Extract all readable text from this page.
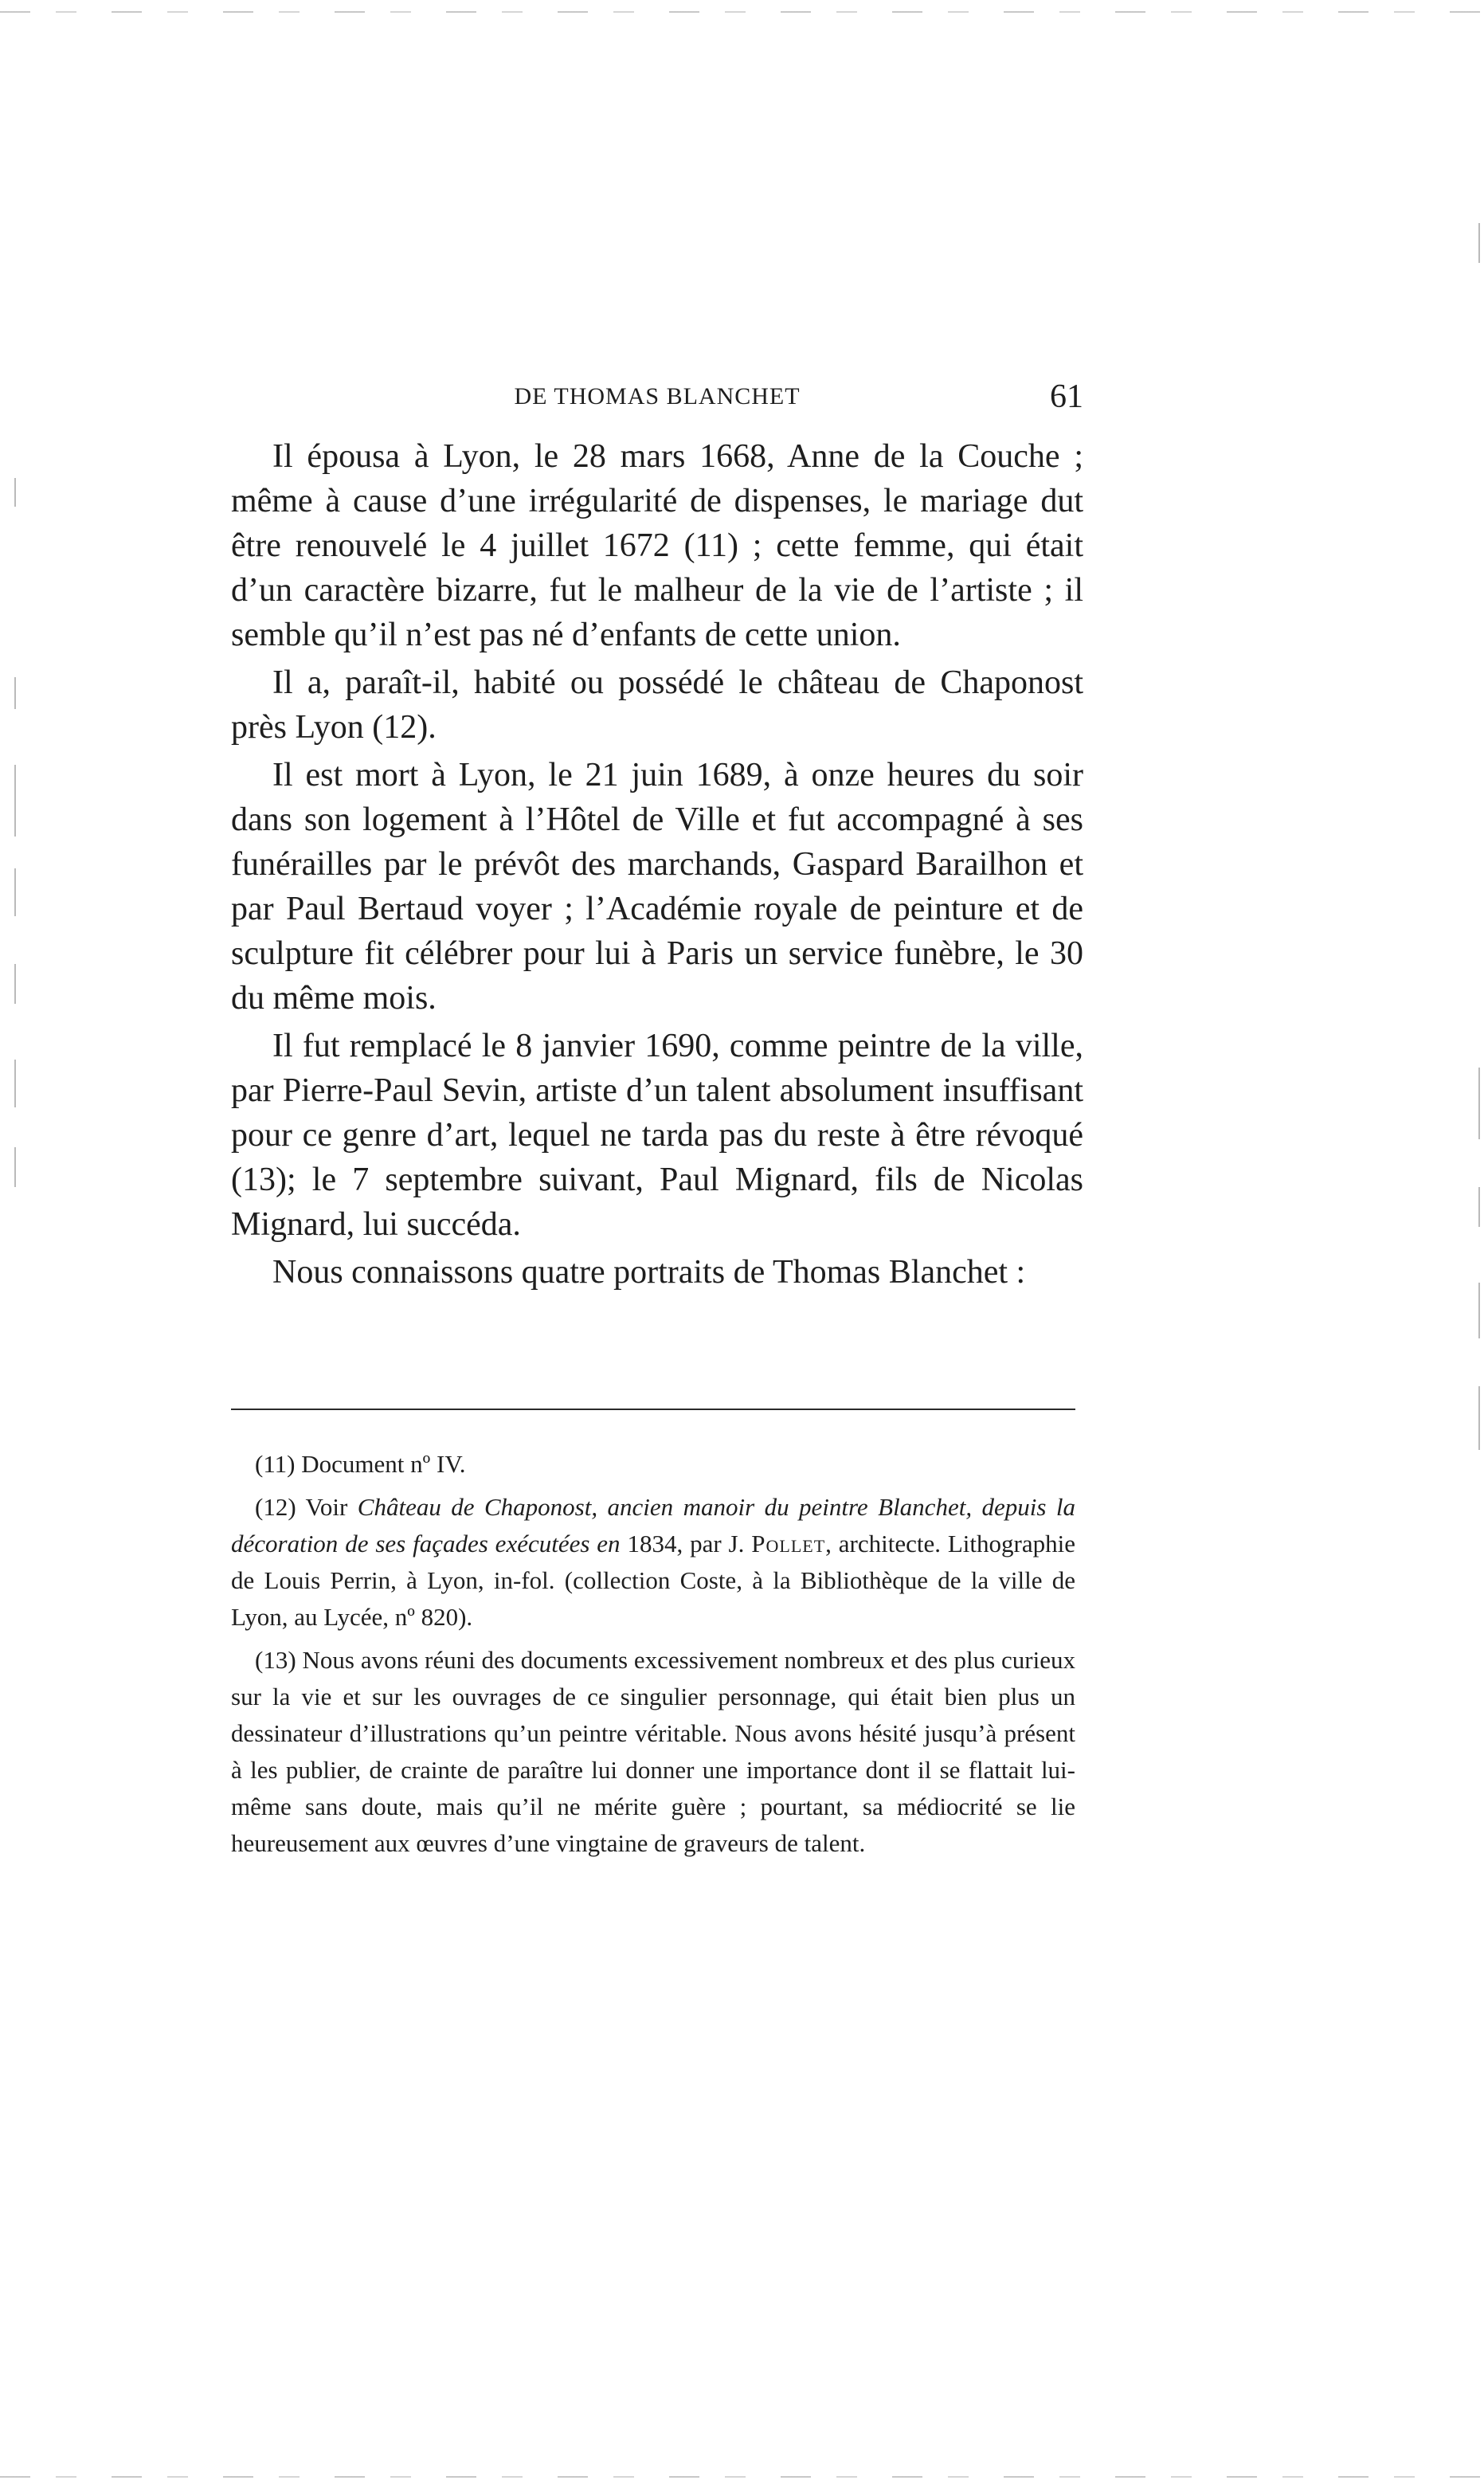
DE THOMAS BLANCHET	61

Il épousa à Lyon, le 28 mars 1668, Anne de la Couche ; même à cause d’une irrégularité de dispenses, le mariage dut être renouvelé le 4 juillet 1672 (11) ; cette femme, qui était d’un caractère bizarre, fut le malheur de la vie de l’artiste ; il semble qu’il n’est pas né d’enfants de cette union.

Il a, paraît-il, habité ou possédé le château de Chaponost près Lyon (12).

Il est mort à Lyon, le 21 juin 1689, à onze heures du soir dans son logement à l’Hôtel de Ville et fut accompagné à ses funérailles par le prévôt des marchands, Gaspard Barailhon et par Paul Bertaud voyer ; l’Académie royale de peinture et de sculpture fit célébrer pour lui à Paris un service funèbre, le 30 du même mois.

Il fut remplacé le 8 janvier 1690, comme peintre de la ville, par Pierre-Paul Sevin, artiste d’un talent absolument insuffisant pour ce genre d’art, lequel ne tarda pas du reste à être révoqué (13); le 7 septembre suivant, Paul Mignard, fils de Nicolas Mignard, lui succéda.

Nous connaissons quatre portraits de Thomas Blanchet :

(11) Document nº IV.

(12) Voir Château de Chaponost, ancien manoir du peintre Blanchet, depuis la décoration de ses façades exécutées en 1834, par J. Pollet, architecte. Lithographie de Louis Perrin, à Lyon, in-fol. (collection Coste, à la Bibliothèque de la ville de Lyon, au Lycée, nº 820).

(13) Nous avons réuni des documents excessivement nombreux et des plus curieux sur la vie et sur les ouvrages de ce singulier personnage, qui était bien plus un dessinateur d’illustrations qu’un peintre véritable. Nous avons hésité jusqu’à présent à les publier, de crainte de paraître lui donner une importance dont il se flattait lui-même sans doute, mais qu’il ne mérite guère ; pourtant, sa médiocrité se lie heureusement aux œuvres d’une vingtaine de graveurs de talent.
